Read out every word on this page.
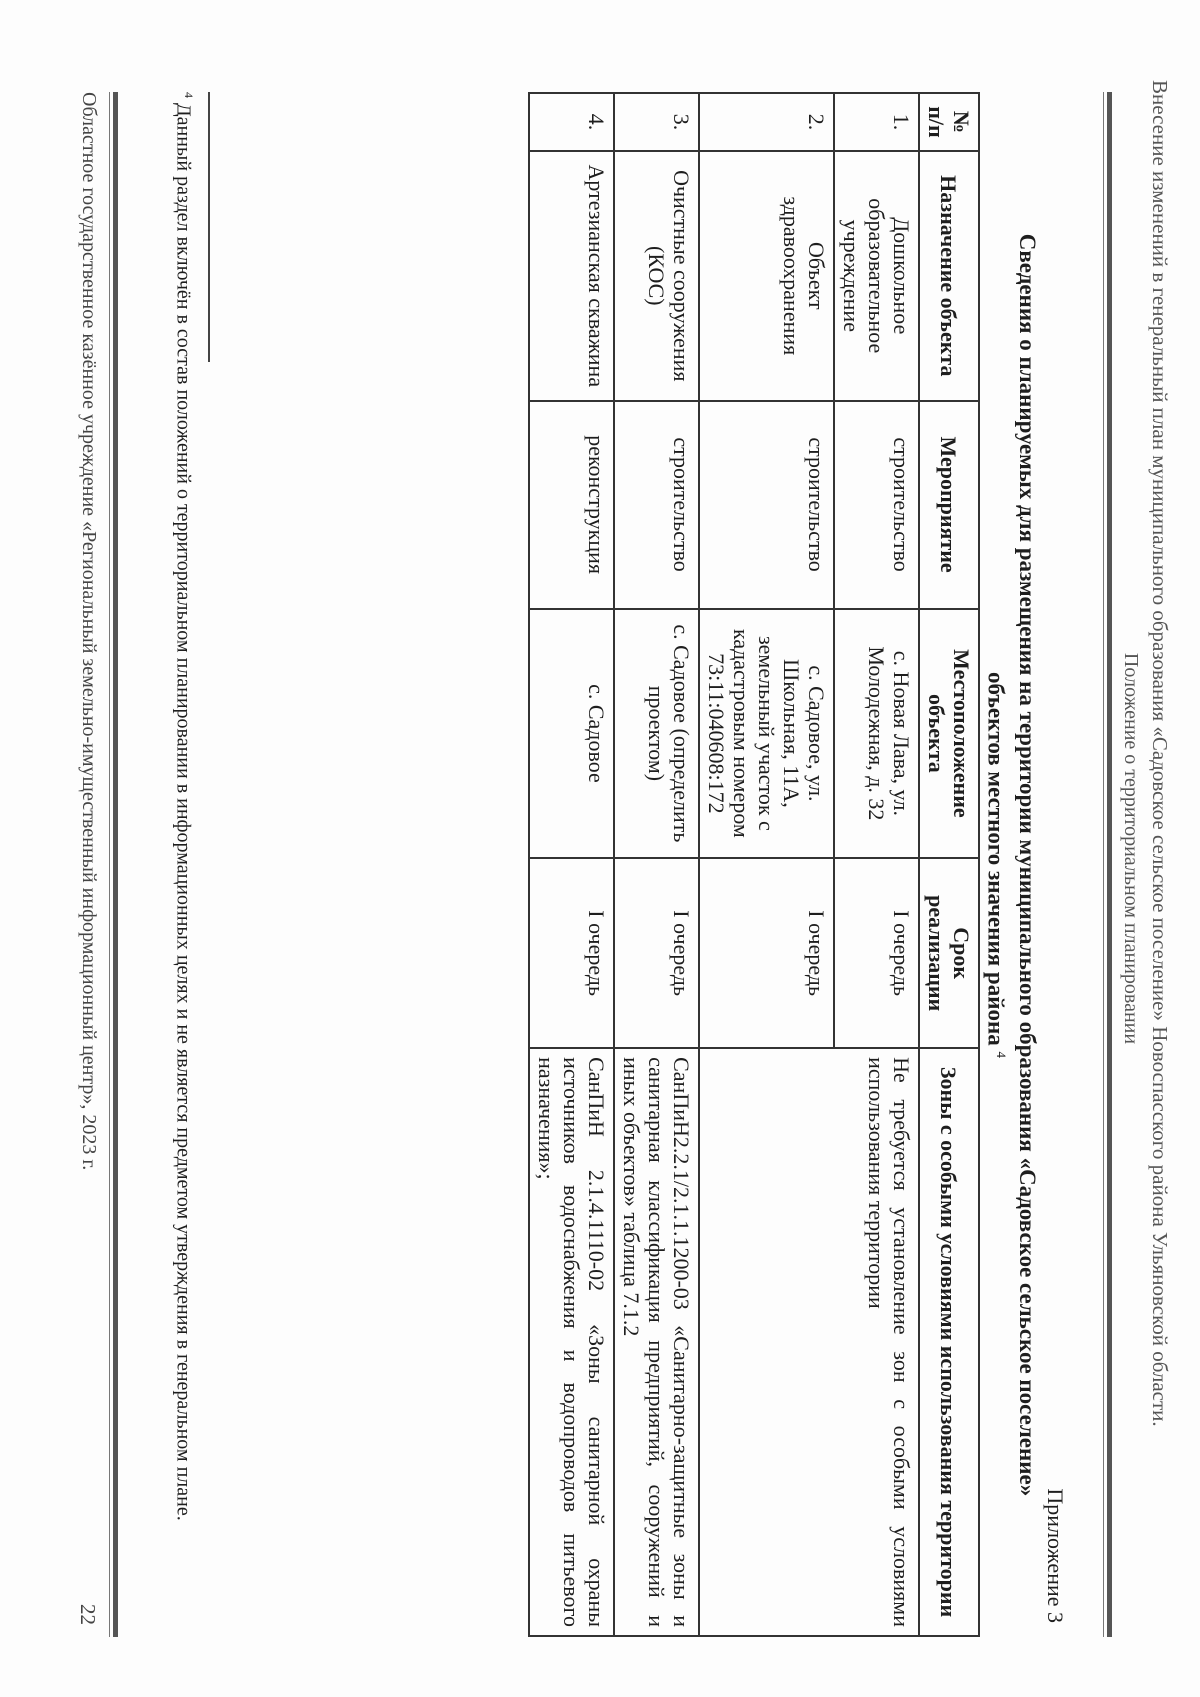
Внесение изменений в генеральный план муниципального образования «Садовское сельское поселение» Новоспасского района Ульяновской области.
Положение о территориальном планировании
Приложение 3
Сведения о планируемых для размещения на территории муниципального образования «Садовское сельское поселение»
объектов местного значения района $^4$
№ п/п	Назначение объекта	Мероприятие	Местоположение объекта	Срок реализации	Зоны с особыми условиями использования территории
1.	Дошкольное образовательное учреждение	строительство	с. Новая Лава, ул. Молодежная, д. 32	I очередь	Не требуется установление зон с особыми условиями использования территории
2.	Объект здравоохранения	строительство	с. Садовое, ул. Школьная, 11А, земельный участок с кадастровым номером 73:11:040608:172	I очередь	
3.	Очистные сооружения (КОС)	строительство	с. Садовое (определить проектом)	I очередь	СанПиН2.2.1/2.1.1.1200-03 «Санитарно-защитные зоны и санитарная классификация предприятий, сооружений и иных объектов» таблица 7.1.2
4.	Артезианская скважина	реконструкция	с. Садовое	I очередь	СанПиН 2.1.4.1110-02 «Зоны санитарной охраны источников водоснабжения и водопроводов питьевого назначения»;
$^4$ Данный раздел включён в состав положений о территориальном планировании в информационных целях и не является предметом утверждения в генеральном плане.
Областное государственное казённое учреждение «Региональный земельно-имущественный информационный центр», 2023 г.
22
